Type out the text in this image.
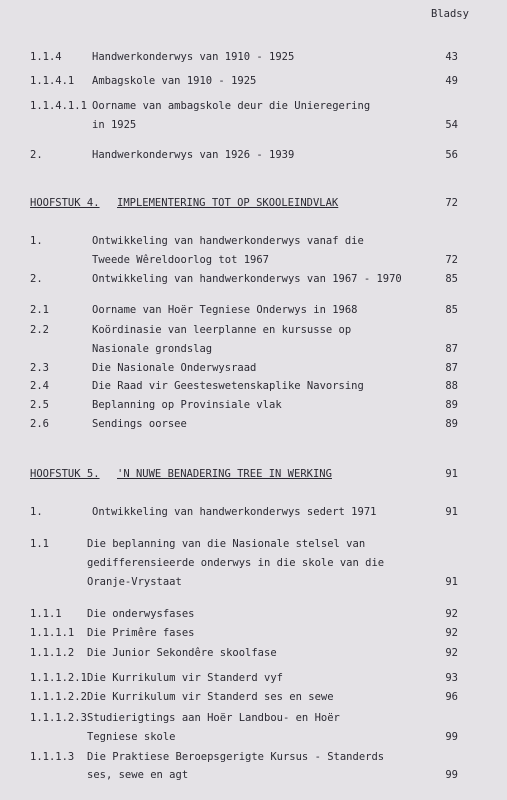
Bladsy
1.1.4	Handwerkonderwys van 1910 - 1925	43
1.1.4.1 Ambagskole van 1910 - 1925	49
1.1.4.1.1 Oorname van ambagskole deur die Unieregering
in 1925	54
2.	Handwerkonderwys van 1926 - 1939	56
HOOFSTUK 4. IMPLEMENTERING TOT OP SKOOLEINDVLAK	72
1.	Ontwikkeling van handwerkonderwys vanaf die
Tweede Wêreldoorlog tot 1967	72
2.	Ontwikkeling van handwerkonderwys van 1967 - 1970	85
2.1	Oorname van Hoër Tegniese Onderwys in 1968	85
2.2	Koördinasie van leerplanne en kursusse op
Nasionale grondslag	87
2.3	Die Nasionale Onderwysraad	87
2.4	Die Raad vir Geesteswetenskaplike Navorsing	88
2.5	Beplanning op Provinsiale vlak	89
2.6	Sendings oorsee	89
HOOFSTUK 5. 'N NUWE BENADERING TREE IN WERKING	91
1.	Ontwikkeling van handwerkonderwys sedert 1971	91
1.1	Die beplanning van die Nasionale stelsel van
gedifferensieerde onderwys in die skole van die
Oranje-Vrystaat	91
1.1.1 Die onderwysfases	92
1.1.1.1 Die Primêre fases	92
1.1.1.2 Die Junior Sekondêre skoolfase	92
1.1.1.2.1 Die Kurrikulum vir Standerd vyf	93
1.1.1.2.2 Die Kurrikulum vir Standerd ses en sewe	96
1.1.1.2.3 Studierigtings aan Hoër Landbou- en Hoër
Tegniese skole	99
1.1.1.3 Die Praktiese Beroepsgerigte Kursus - Standerds
ses, sewe en agt	99
